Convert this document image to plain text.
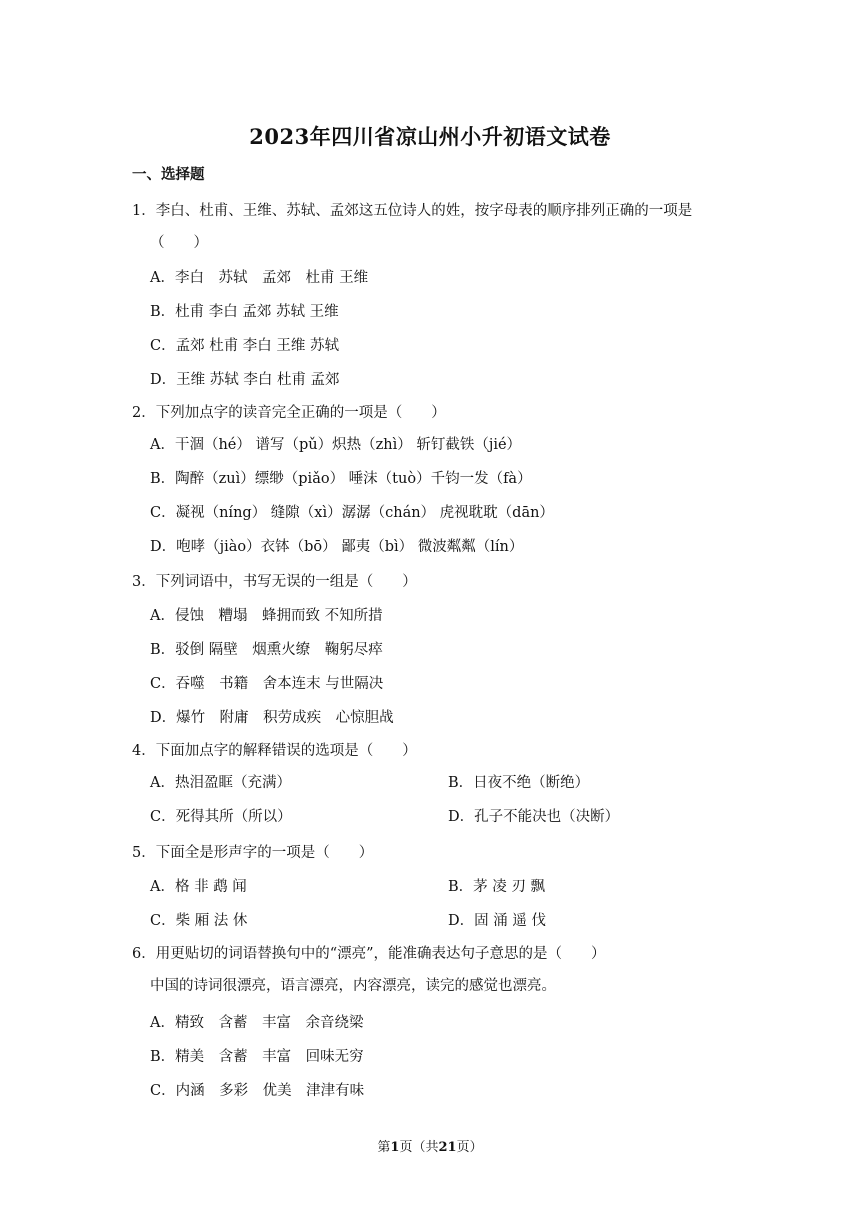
2023年四川省凉山州小升初语文试卷
一、选择题
1．李白、杜甫、王维、苏轼、孟郊这五位诗人的姓，按字母表的顺序排列正确的一项是
（　　）
A．李白　苏轼　孟郊　杜甫 王维
B．杜甫 李白 孟郊 苏轼 王维
C．孟郊 杜甫 李白 王维 苏轼
D．王维 苏轼 李白 杜甫 孟郊
2．下列加点字的读音完全正确的一项是（　　）
A．干涸（hé） 谱写（pǔ）炽热（zhì） 斩钉截铁（jié）
B．陶醉（zuì）缥缈（piǎo） 唾沫（tuò）千钧一发（fà）
C．凝视（níng） 缝隙（xì）潺潺（chán） 虎视耽耽（dān）
D．咆哮（jiào）衣钵（bō） 鄙夷（bì） 微波粼粼（lín）
3．下列词语中，书写无误的一组是（　　）
A．侵蚀　糟塌　蜂拥而致 不知所措
B．驳倒 隔壁　烟熏火缭　鞠躬尽瘁
C．吞噬　书籍　舍本连末 与世隔决
D．爆竹　附庸　积劳成疾　心惊胆战
4．下面加点字的解释错误的选项是（　　）
A．热泪盈眶（充满）	B．日夜不绝（断绝）
C．死得其所（所以）	D．孔子不能决也（决断）
5．下面全是形声字的一项是（　　）
A．格 非 鹉 闻	B．茅 凌 刃 飘
C．柴 厢 法 休	D．固 涌 遥 伐
6．用更贴切的词语替换句中的“漂亮”，能准确表达句子意思的是（　　）
中国的诗词很漂亮，语言漂亮，内容漂亮，读完的感觉也漂亮。
A．精致　含蓄　丰富　余音绕梁
B．精美　含蓄　丰富　回味无穷
C．内涵　多彩　优美　津津有味
第1页（共21页）
